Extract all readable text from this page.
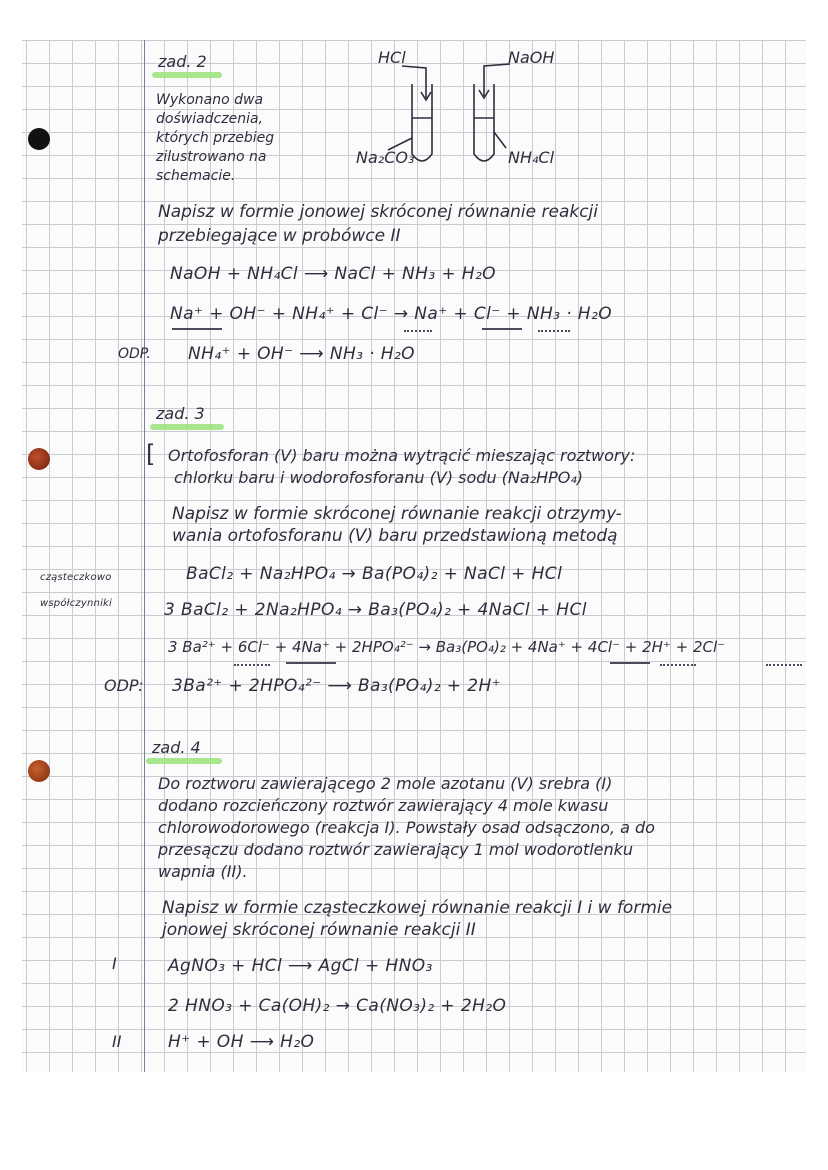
zad. 2
Wykonano dwa
doświadczenia,
których przebieg
zilustrowano na
schemacie.
HCl	NaOH
Na₂CO₃	NH₄Cl
Napisz w formie jonowej skróconej równanie reakcji
przebiegające w probówce II
NaOH + NH₄Cl ⟶ NaCl + NH₃ + H₂O
Na⁺ + OH⁻ + NH₄⁺ + Cl⁻ → Na⁺ + Cl⁻ + NH₃ · H₂O
ODP. NH₄⁺ + OH⁻ ⟶ NH₃ · H₂O
zad. 3
[ Ortofosforan (V) baru można wytrącić mieszając roztwory:
chlorku baru i wodorofosforanu (V) sodu (Na₂HPO₄)
Napisz w formie skróconej równanie reakcji otrzymy-
wania ortofosforanu (V) baru przedstawioną metodą
cząsteczkowo
współczynniki
BaCl₂ + Na₂HPO₄ → Ba(PO₄)₂ + NaCl + HCl
3 BaCl₂ + 2Na₂HPO₄ → Ba₃(PO₄)₂ + 4NaCl + HCl
3 Ba²⁺ + 6Cl⁻ + 4Na⁺ + 2HPO₄²⁻ → Ba₃(PO₄)₂ + 4Na⁺ + 4Cl⁻ + 2H⁺ + 2Cl⁻
ODP: 3Ba²⁺ + 2HPO₄²⁻ ⟶ Ba₃(PO₄)₂ + 2H⁺
zad. 4
Do roztworu zawierającego 2 mole azotanu (V) srebra (I)
dodano rozcieńczony roztwór zawierający 4 mole kwasu
chlorowodorowego (reakcja I). Powstały osad odsączono, a do
przesączu dodano roztwór zawierający 1 mol wodorotlenku
wapnia (II).
Napisz w formie cząsteczkowej równanie reakcji I i w formie
jonowej skróconej równanie reakcji II
I	AgNO₃ + HCl ⟶ AgCl + HNO₃
2 HNO₃ + Ca(OH)₂ → Ca(NO₃)₂ + 2H₂O
II	H⁺ + OH ⟶ H₂O
